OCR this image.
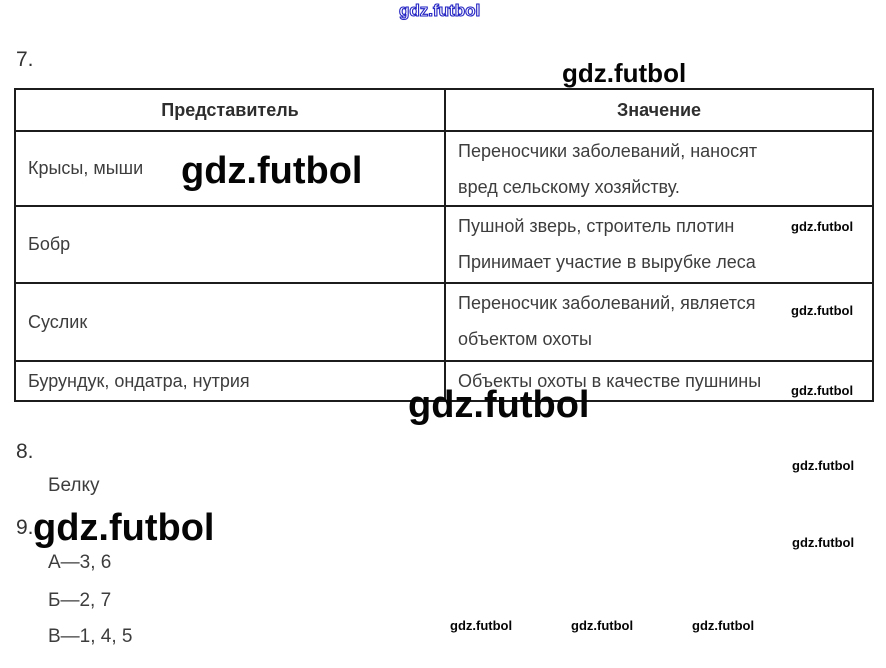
gdz.futbol
gdz.futbol
gdz.futbol
gdz.futbol
gdz.futbol
gdz.futbol
gdz.futbol
gdz.futbol
gdz.futbol
gdz.futbol
gdz.futbol	gdz.futbol	gdz.futbol
7.
Представитель	Значение
Крысы, мыши	Переносчики заболеваний, наносят
вред сельскому хозяйству.

Бобр	Пушной зверь, строитель плотин
Принимает участие в вырубке леса

Суслик	Переносчик заболеваний, является
объектом охоты

Бурундук, ондатра, нутрия	Объекты охоты в качестве пушнины
8.
Белку
9.
А—3, 6
Б—2, 7
В—1, 4, 5
